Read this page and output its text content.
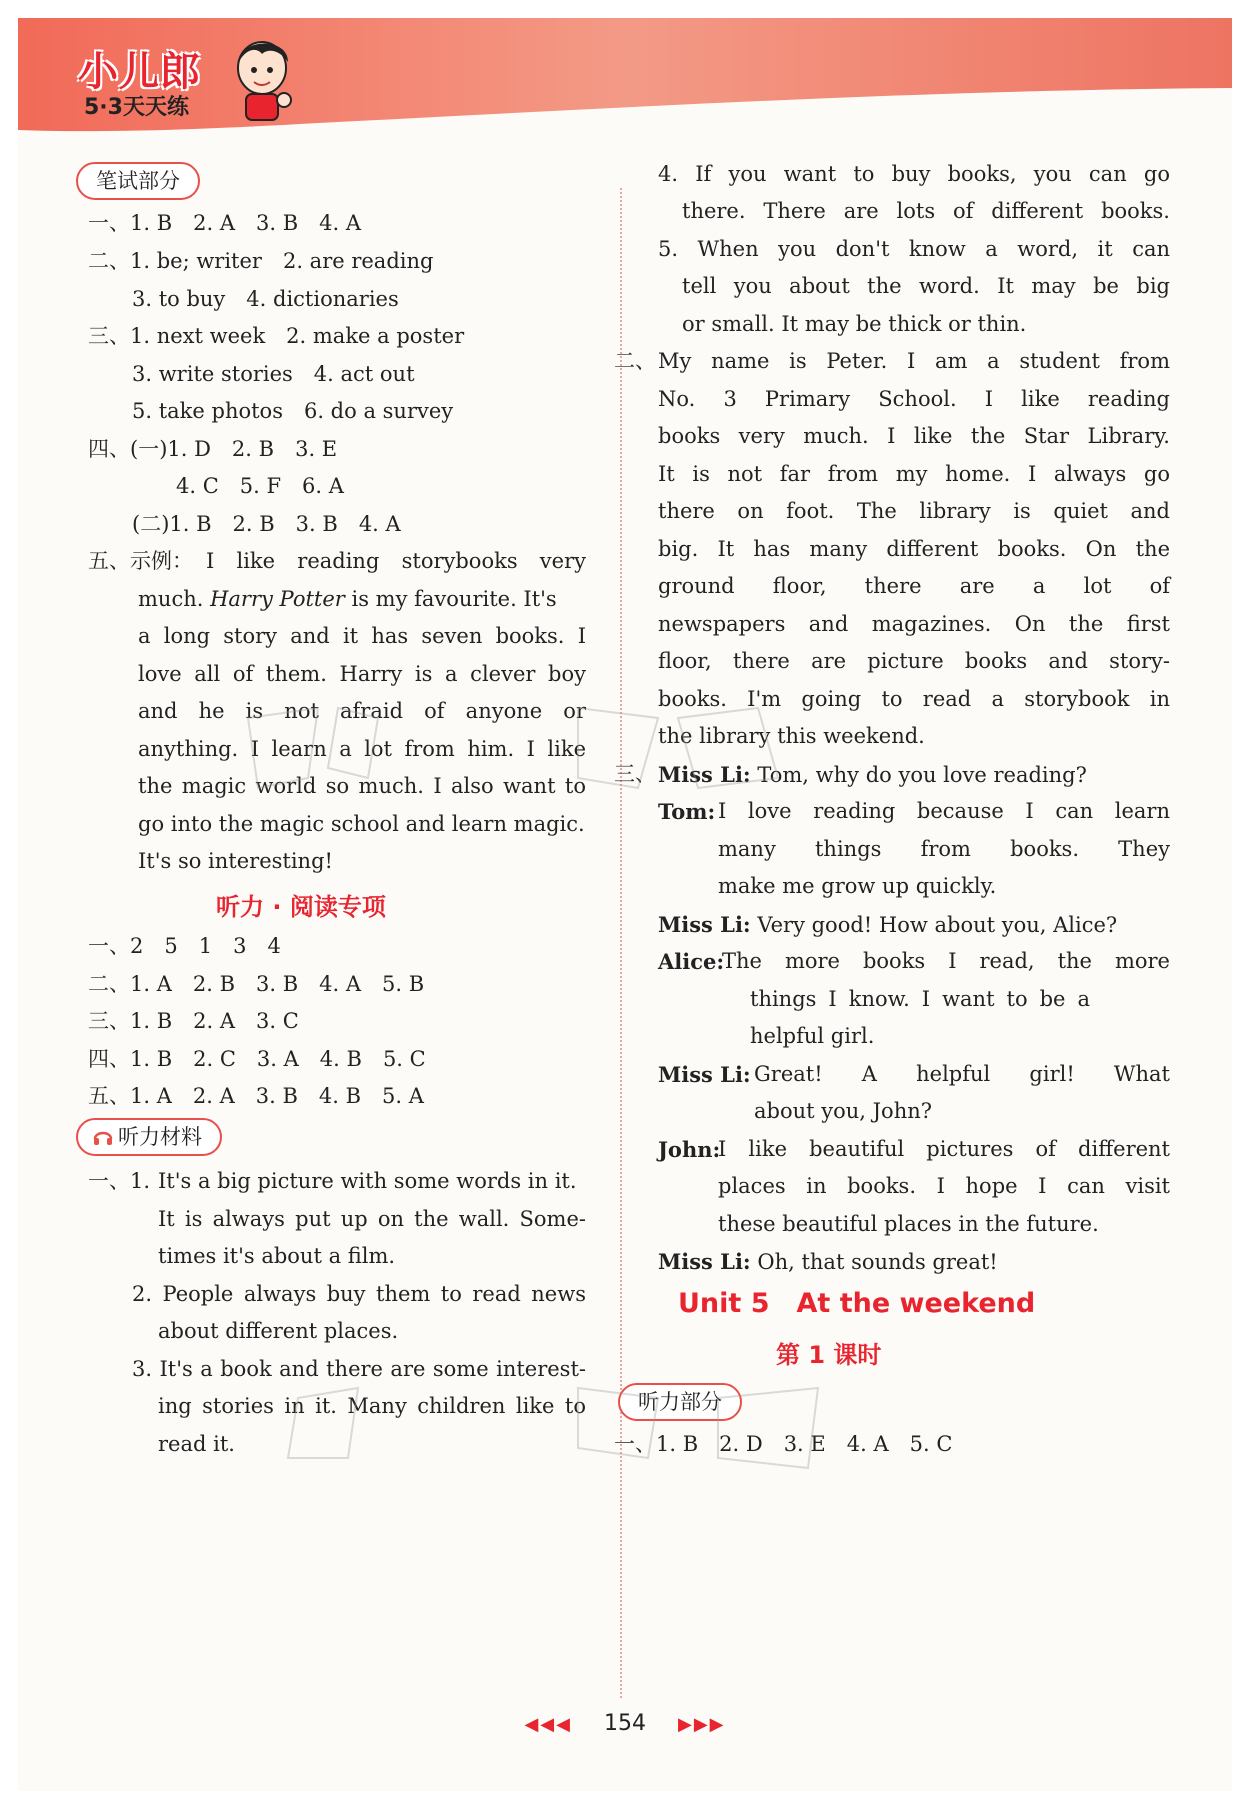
小儿郎
5·3天天练
笔试部分
一、1. B　2. A　3. B　4. A
二、1. be; writer　2. are reading
3. to buy　4. dictionaries
三、1. next week　2. make a poster
3. write stories　4. act out
5. take photos　6. do a survey
四、(一)1. D　2. B　3. E
4. C　5. F　6. A
(二)1. B　2. B　3. B　4. A
五、示例： I like reading storybooks very
much. Harry Potter is my favourite. It's
a long story and it has seven books. I
love all of them. Harry is a clever boy
and he is not afraid of anyone or
anything. I learn a lot from him. I like
the magic world so much. I also want to
go into the magic school and learn magic.
It's so interesting!
听力 · 阅读专项
一、2　5　1　3　4
二、1. A　2. B　3. B　4. A　5. B
三、1. B　2. A　3. C
四、1. B　2. C　3. A　4. B　5. C
五、1. A　2. A　3. B　4. B　5. A
听力材料
一、1. It's a big picture with some words in it.
It is always put up on the wall. Some-
times it's about a film.
2. People always buy them to read news
about different places.
3. It's a book and there are some interest-
ing stories in it. Many children like to
read it.
4. If you want to buy books, you can go
there. There are lots of different books.
5. When you don't know a word, it can
tell you about the word. It may be big
or small. It may be thick or thin.
二、 My name is Peter. I am a student from
No. 3 Primary School. I like reading
books very much. I like the Star Library.
It is not far from my home. I always go
there on foot. The library is quiet and
big. It has many different books. On the
ground floor, there are a lot of
newspapers and magazines. On the first
floor, there are picture books and story-
books. I'm going to read a storybook in
the library this weekend.
三、 Miss Li: Tom, why do you love reading?
Tom: I love reading because I can learn
many things from books. They
make me grow up quickly.
Miss Li: Very good! How about you, Alice?
Alice:
The more books I read, the more
things I know. I want to be a
helpful girl.
Miss Li: Great! A helpful girl! What
about you, John?
John:
I like beautiful pictures of different
places in books. I hope I can visit
these beautiful places in the future.
Miss Li: Oh, that sounds great!
Unit 5　At the weekend
第 1 课时
听力部分
一、1. B　2. D　3. E　4. A　5. C
◀◀◀ 154 ▶▶▶
